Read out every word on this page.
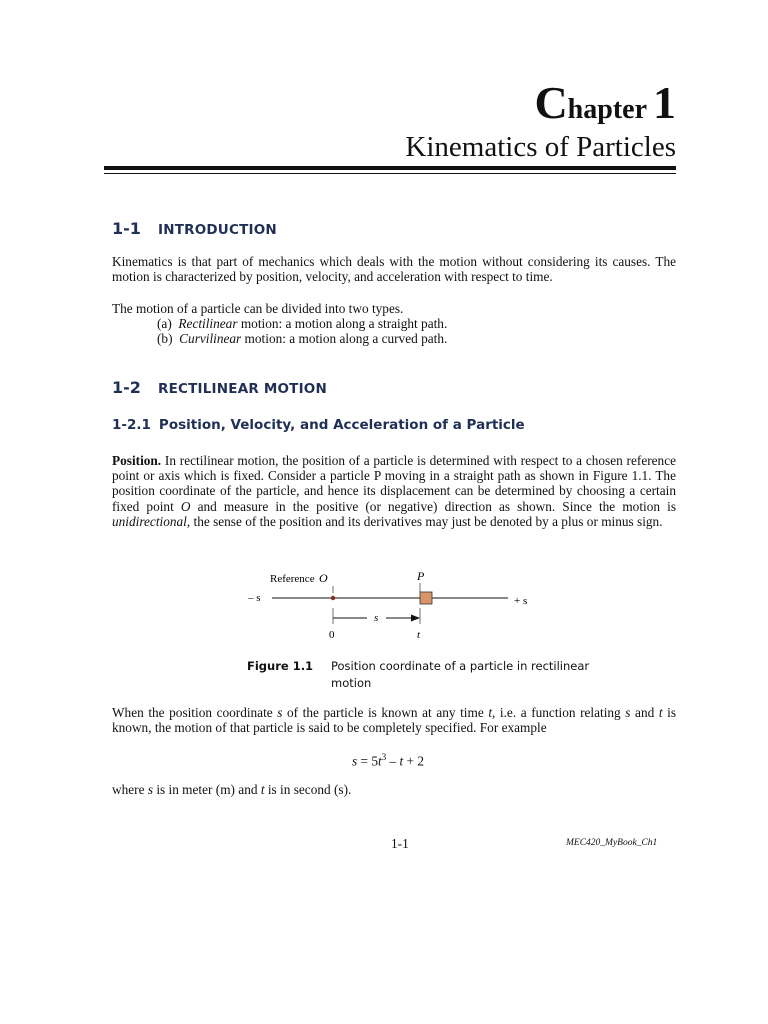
Chapter 1
Kinematics of Particles
1-1 INTRODUCTION
Kinematics is that part of mechanics which deals with the motion without considering its causes. The motion is characterized by position, velocity, and acceleration with respect to time.
The motion of a particle can be divided into two types.
(a) Rectilinear motion: a motion along a straight path.
(b) Curvilinear motion: a motion along a curved path.
1-2 RECTILINEAR MOTION
1-2.1 Position, Velocity, and Acceleration of a Particle
Position. In rectilinear motion, the position of a particle is determined with respect to a chosen reference point or axis which is fixed. Consider a particle P moving in a straight path as shown in Figure 1.1. The position coordinate of the particle, and hence its displacement can be determined by choosing a certain fixed point O and measure in the positive (or negative) direction as shown. Since the motion is unidirectional, the sense of the position and its derivatives may just be denoted by a plus or minus sign.
Reference O	P
– s	+ s
s
0	t
Figure 1.1 Position coordinate of a particle in rectilinear motion
When the position coordinate s of the particle is known at any time t, i.e. a function relating s and t is known, the motion of that particle is said to be completely specified. For example
$s = 5t^3 - t + 2$
where s is in meter (m) and t is in second (s).
1-1	MEC420_MyBook_Ch1
